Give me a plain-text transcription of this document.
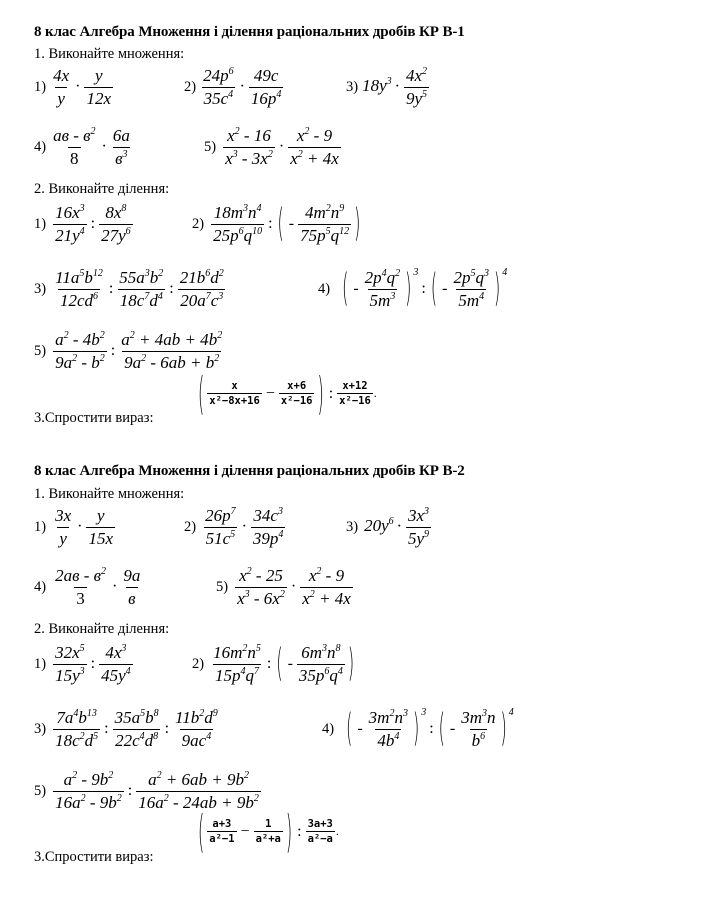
8 клас Алгебра Множення і ділення раціональних дробів КР В-1
1. Виконайте множення:
$1) \frac{4x}{y} \cdot \frac{y}{12x}$	$2) \frac{24p^6}{35c^4} \cdot \frac{49c}{16p^4}$	3) $18y^3 \cdot \frac{4x^2}{9y^5}$
$4) \frac{ав - в^2}{8} \cdot \frac{6a}{в^3}$	$5) \frac{x^2 - 16}{x^3 - 3x^2} \cdot \frac{x^2 - 9}{x^2 + 4x}$
2. Виконайте ділення:
$1) \frac{16x^3}{21y^4}$ : $\frac{8x^8}{27y^6}$	$2) \frac{18m^3n^4}{25p^6q^{10}}$ : ( - $\frac{4m^2n^9}{75p^5q^{12}}$ )
$3) \frac{11a^5b^{12}}{12cd^6}$ : $\frac{55a^3b^2}{18c^7d^4}$ : $\frac{21b^6d^2}{20a^7c^3}$	4) ( - $\frac{2p^4q^2}{5m^3}$ ) $^3$: ( - $\frac{2p^5q^3}{5m^4}$ ) $^4$
$5) \frac{a^2 - 4b^2}{9a^2 - b^2}$ : $\frac{a^2 + 4ab + 4b^2}{9a^2 - 6ab + b^2}$
3.Спростити вираз:	( $\frac{x}{\text{x²−8x+16}} - \frac{x+6}{\text{x²−16}}$ ) : $\frac{x+12}{\text{x²−16}}$ .
8 клас Алгебра Множення і ділення раціональних дробів КР В-2
1. Виконайте множення:
$1) \frac{3x}{y} \cdot \frac{y}{15x}$	$2) \frac{26p^7}{51c^5} \cdot \frac{34c^3}{39p^4}$	3) $20y^6 \cdot \frac{3x^3}{5y^9}$
$4) \frac{2ав - в^2}{3} \cdot \frac{9a}{в}$	$5) \frac{x^2 - 25}{x^3 - 6x^2} \cdot \frac{x^2 - 9}{x^2 + 4x}$
2. Виконайте ділення:
$1) \frac{32x^5}{15y^3}$ : $\frac{4x^3}{45y^4}$	$2) \frac{16m^2n^5}{15p^4q^7}$ : ( - $\frac{6m^3n^8}{35p^6q^4}$ )
$3) \frac{7a^4b^{13}}{18c^2d^5}$ : $\frac{35a^5b^8}{22c^4d^8}$ : $\frac{11b^2d^9}{9ac^4}$	4) ( - $\frac{3m^2n^3}{4b^4}$ ) $^3$: ( - $\frac{3m^3n}{b^6}$ ) $^4$
$5) \frac{a^2 - 9b^2}{16a^2 - 9b^2}$ : $\frac{a^2 + 6ab + 9b^2}{16a^2 - 24ab + 9b^2}$
3.Спростити вираз:	( $\frac{a+3}{\text{a²−1}} - \frac{1}{\text{a²+a}}$ ) : $\frac{3a+3}{\text{a²−a}}$ .
